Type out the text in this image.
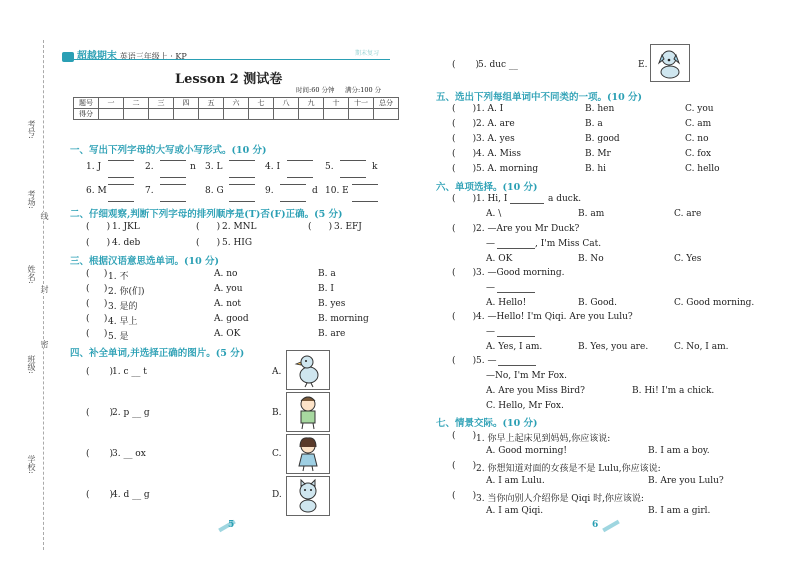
考号:
考场:
线
姓名:
封
班级:
密
学校:
超越期末 英语三年级上 · KP	期末复习
Lesson 2 测试卷
时间:60 分钟 满分:100 分
题号	一	二	三	四	五	六	七	八	九	十	十一	总分
得分												
一、写出下列字母的大写或小写形式。(10 分)
1. J	2.	n 3. L	4. I	5.	k
6. M	7.	8. G	9.	d 10. E
二、仔细观察,判断下列字母的排列顺序是(T)否(F)正确。(5 分)
(      ) 1. JKL	(      ) 2. MNL	(      ) 3. EFJ
(      ) 4. deb	(      ) 5. HIG
三、根据汉语意思选单词。(10 分)
(     ) 1. 不	A. no	B. a
(     ) 2. 你(们)	A. you	B. I
(     ) 3. 是的	A. not	B. yes
(     ) 4. 早上	A. good	B. morning
(     ) 5. 是	A. OK	B. are
四、补全单词,并选择正确的图片。(5 分)
(       )
1. c __ t	A.
(       )
2. p __ g	B.
(       )
3. __ ox	C.
(       )
4. d __ g	D.
5
(       )
5. duc __	E.
五、选出下列每组单词中不同类的一项。(10 分)
(      ) 1. A. I	B. hen	C. you
(      ) 2. A. are	B. a	C. am
(      ) 3. A. yes	B. good	C. no
(      ) 4. A. Miss	B. Mr	C. fox
(      ) 5. A. morning	B. hi	C. hello
六、单项选择。(10 分)
(      ) 1. Hi, I	a duck.
A. \	B. am	C. are
(      ) 2. —Are you Mr Duck?
—	, I'm Miss Cat.
A. OK	B. No	C. Yes
(      ) 3. —Good morning.
—
A. Hello!	B. Good.	C. Good morning.
(      ) 4. —Hello! I'm Qiqi. Are you Lulu?
—
A. Yes, I am.	B. Yes, you are.	C. No, I am.
(      ) 5. —
—No, I'm Mr Fox.
A. Are you Miss Bird?	B. Hi! I'm a chick.
C. Hello, Mr Fox.
七、情景交际。(10 分)
(      ) 1. 你早上起床见到妈妈,你应该说:
A. Good morning!	B. I am a boy.
(      ) 2. 你想知道对面的女孩是不是 Lulu,你应该说:
A. I am Lulu.	B. Are you Lulu?
(      ) 3. 当你向别人介绍你是 Qiqi 时,你应该说:
A. I am Qiqi.	B. I am a girl.
6
